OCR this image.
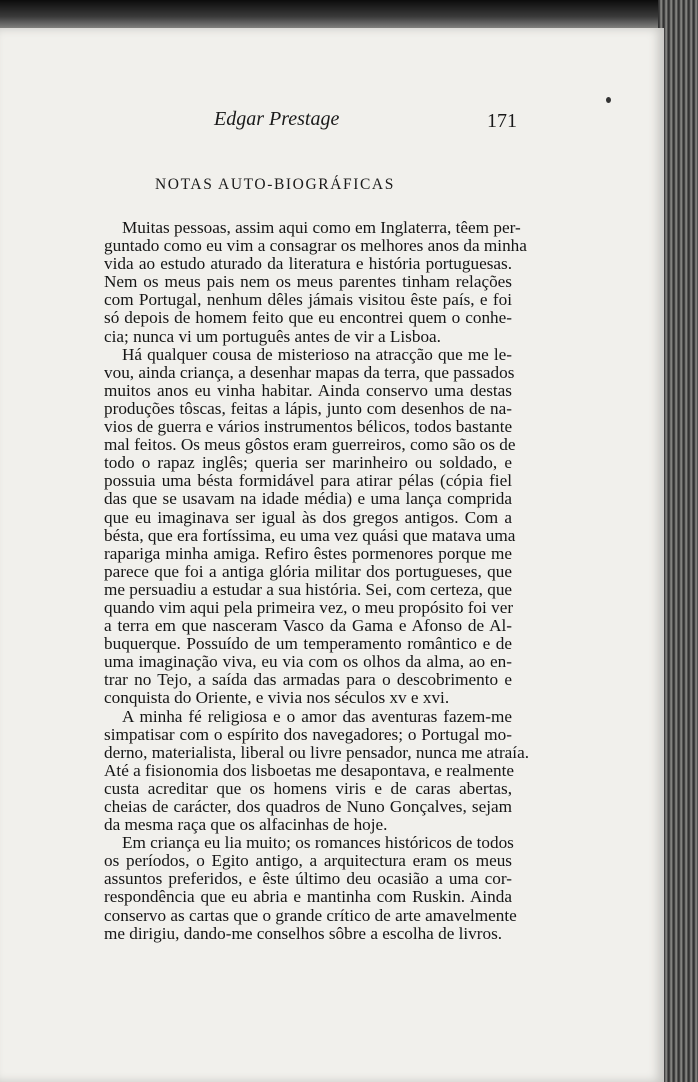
Edgar Prestage	171
NOTAS AUTO-BIOGRÁFICAS
Muitas pessoas, assim aqui como em Inglaterra, têem per-
guntado como eu vim a consagrar os melhores anos da minha
vida ao estudo aturado da literatura e história portuguesas.
Nem os meus pais nem os meus parentes tinham relações
com Portugal, nenhum dêles jámais visitou êste país, e foi
só depois de homem feito que eu encontrei quem o conhe-
cia; nunca vi um português antes de vir a Lisboa.
Há qualquer cousa de misterioso na atracção que me le-
vou, ainda criança, a desenhar mapas da terra, que passados
muitos anos eu vinha habitar. Ainda conservo uma destas
produções tôscas, feitas a lápis, junto com desenhos de na-
vios de guerra e vários instrumentos bélicos, todos bastante
mal feitos. Os meus gôstos eram guerreiros, como são os de
todo o rapaz inglês; queria ser marinheiro ou soldado, e
possuia uma bésta formidável para atirar pélas (cópia fiel
das que se usavam na idade média) e uma lança comprida
que eu imaginava ser igual às dos gregos antigos. Com a
bésta, que era fortíssima, eu uma vez quási que matava uma
rapariga minha amiga. Refiro êstes pormenores porque me
parece que foi a antiga glória militar dos portugueses, que
me persuadiu a estudar a sua história. Sei, com certeza, que
quando vim aqui pela primeira vez, o meu propósito foi ver
a terra em que nasceram Vasco da Gama e Afonso de Al-
buquerque. Possuído de um temperamento romântico e de
uma imaginação viva, eu via com os olhos da alma, ao en-
trar no Tejo, a saída das armadas para o descobrimento e
conquista do Oriente, e vivia nos séculos xv e xvi.
A minha fé religiosa e o amor das aventuras fazem-me
simpatisar com o espírito dos navegadores; o Portugal mo-
derno, materialista, liberal ou livre pensador, nunca me atraía.
Até a fisionomia dos lisboetas me desapontava, e realmente
custa acreditar que os homens viris e de caras abertas,
cheias de carácter, dos quadros de Nuno Gonçalves, sejam
da mesma raça que os alfacinhas de hoje.
Em criança eu lia muito; os romances históricos de todos
os períodos, o Egito antigo, a arquitectura eram os meus
assuntos preferidos, e êste último deu ocasião a uma cor-
respondência que eu abria e mantinha com Ruskin. Ainda
conservo as cartas que o grande crítico de arte amavelmente
me dirigiu, dando-me conselhos sôbre a escolha de livros.
